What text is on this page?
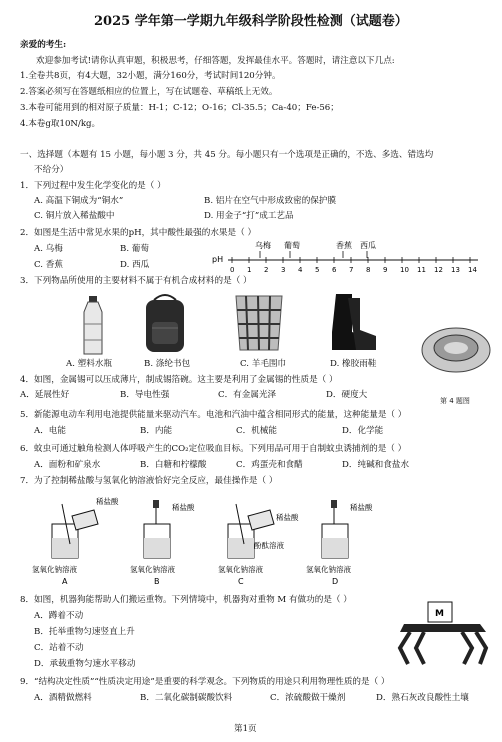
2025 学年第一学期九年级科学阶段性检测（试题卷）
亲爱的考生:
欢迎参加考试!请你认真审题，积极思考，仔细答题，发挥最佳水平。答题时，请注意以下几点:
1.全卷共8页，有4大题，32小题，满分160分，考试时间120分钟。
2.答案必须写在答题纸相应的位置上，写在试题卷、草稿纸上无效。
3.本卷可能用到的相对原子质量：H-1；C-12；O-16；Cl-35.5；Ca-40；Fe-56；
4.本卷g取10N/kg。
一、选择题（本题有 15 小题，每小题 3 分，共 45 分。每小题只有一个选项是正确的，不选、多选、错选均
不给分）
1．下列过程中发生化学变化的是（ ）
A. 高温下铜成为“铜水”	B. 铝片在空气中形成致密的保护膜
C. 铜片放入稀盐酸中	D. 用金子“打”成工艺品
2．如图是生活中常见水果的pH，其中酸性最强的水果是（ ）
A. 乌梅	B. 葡萄
C. 香蕉	D. 西瓜
乌梅 葡萄	香蕉 西瓜
pH
0 1 2 3 4 5 6 7 8 9 10 11 12 13 14
3．下列物品所使用的主要材料不属于有机合成材料的是（ ）
A. 塑料水瓶	B. 涤纶书包	C. 羊毛围巾	D. 橡胶雨鞋
第 4 题图
4．如图，金属锡可以压成薄片，制成锡箔碗。这主要是利用了金属锡的性质是（ ）
A．延展性好	B．导电性强	C．有金属光泽	D．硬度大
5．新能源电动车利用电池提供能量来驱动汽车。电池和汽油中蕴含相同形式的能量，这种能量是（ ）
A．电能	B．内能	C．机械能	D．化学能
6．蚊虫可通过触角检测人体呼吸产生的CO₂定位吸血目标。下列用品可用于自制蚊虫诱捕剂的是（ ）
A．面粉和矿泉水	B．白糖和柠檬酸	C．鸡蛋壳和食醋	D．纯碱和食盐水
7．为了控制稀盐酸与氢氧化钠溶液恰好完全反应，最佳操作是（ ）
稀盐酸
稀盐酸
稀盐酸
酚酞溶液
稀盐酸
氢氧化钠溶液	氢氧化钠溶液	氢氧化钠溶液	氢氧化钠溶液
A	B	C	D
8．如图，机器狗能帮助人们搬运重物。下列情境中，机器狗对重物 M 有做功的是（ ）
A．蹲着不动
B．托举重物匀速竖直上升
C．站着不动
D．承载重物匀速水平移动
M
9．“结构决定性质”“性质决定用途”是重要的科学观念。下列物质的用途只利用物理性质的是（ ）
A．酒精做燃料	B．二氧化碳制碳酸饮料	C．浓硫酸做干燥剂	D．熟石灰改良酸性土壤
第1页
